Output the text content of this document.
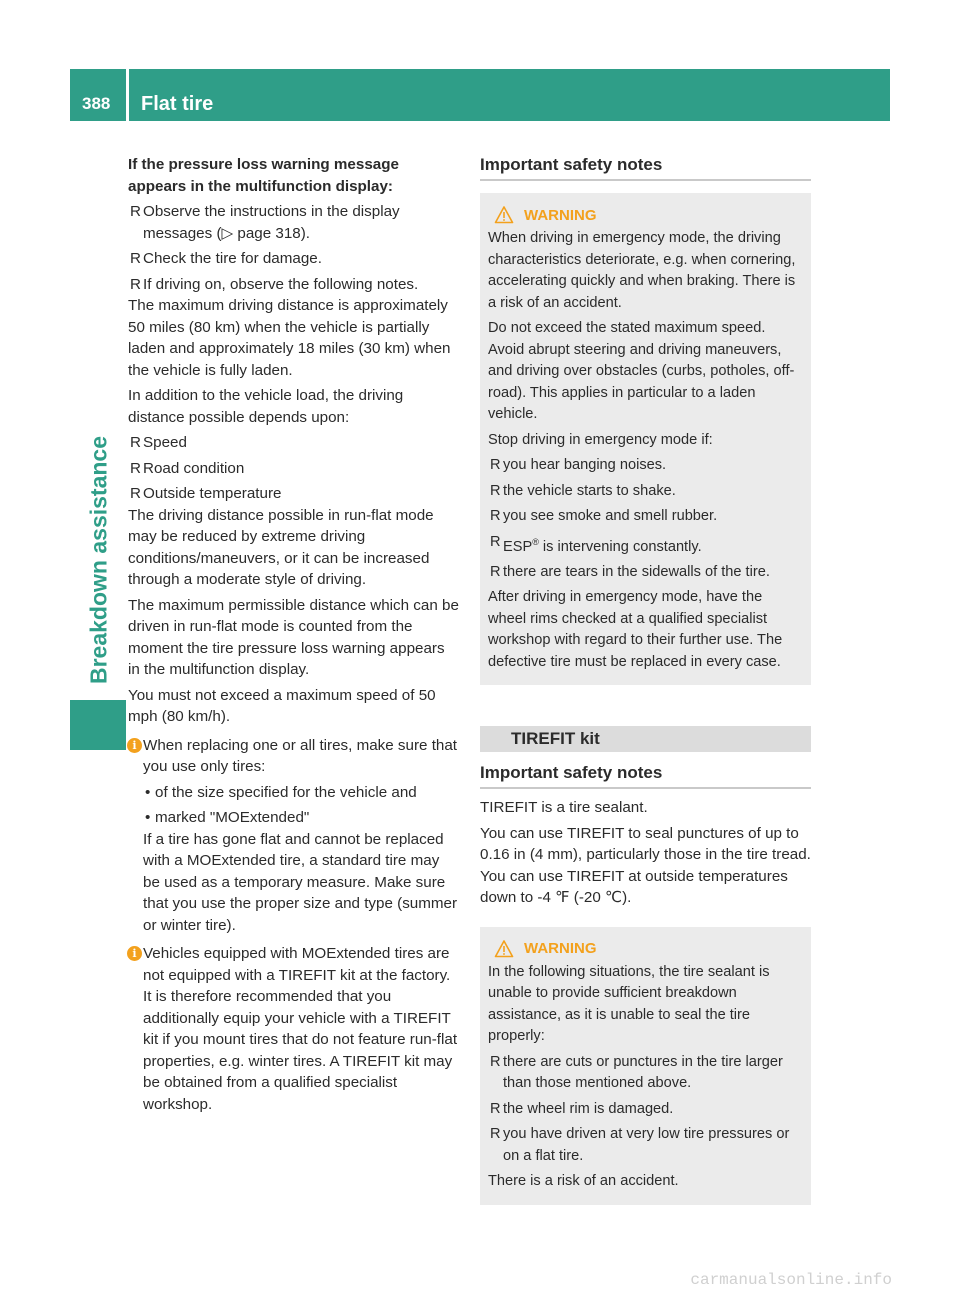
388	Flat tire
Breakdown assistance

If the pressure loss warning message appears in the multifunction display:

R Observe the instructions in the display messages (▷ page 318).

R Check the tire for damage.

R If driving on, observe the following notes.

The maximum driving distance is approximately 50 miles (80 km) when the vehicle is partially laden and approximately 18 miles (30 km) when the vehicle is fully laden.

In addition to the vehicle load, the driving distance possible depends upon:

R Speed

R Road condition

R Outside temperature

The driving distance possible in run-flat mode may be reduced by extreme driving conditions/maneuvers, or it can be increased through a moderate style of driving.

The maximum permissible distance which can be driven in run-flat mode is counted from the moment the tire pressure loss warning appears in the multifunction display.

You must not exceed a maximum speed of 50 mph (80 km/h).

i When replacing one or all tires, make sure that you use only tires:

• of the size specified for the vehicle and

• marked "MOExtended"

If a tire has gone flat and cannot be replaced with a MOExtended tire, a standard tire may be used as a temporary measure. Make sure that you use the proper size and type (summer or winter tire).

i Vehicles equipped with MOExtended tires are not equipped with a TIREFIT kit at the factory. It is therefore recommended that you additionally equip your vehicle with a TIREFIT kit if you mount tires that do not feature run-flat properties, e.g. winter tires. A TIREFIT kit may be obtained from a qualified specialist workshop.

Important safety notes
WARNING

When driving in emergency mode, the driving characteristics deteriorate, e.g. when cornering, accelerating quickly and when braking. There is a risk of an accident.

Do not exceed the stated maximum speed. Avoid abrupt steering and driving maneuvers, and driving over obstacles (curbs, potholes, off-road). This applies in particular to a laden vehicle.

Stop driving in emergency mode if:

R you hear banging noises.

R the vehicle starts to shake.

R you see smoke and smell rubber.

R ESP® is intervening constantly.

R there are tears in the sidewalls of the tire.

After driving in emergency mode, have the wheel rims checked at a qualified specialist workshop with regard to their further use. The defective tire must be replaced in every case.

TIREFIT kit
Important safety notes

TIREFIT is a tire sealant.

You can use TIREFIT to seal punctures of up to 0.16 in (4 mm), particularly those in the tire tread. You can use TIREFIT at outside temperatures down to -4 ℉ (-20 ℃).

WARNING

In the following situations, the tire sealant is unable to provide sufficient breakdown assistance, as it is unable to seal the tire properly:

R there are cuts or punctures in the tire larger than those mentioned above.

R the wheel rim is damaged.

R you have driven at very low tire pressures or on a flat tire.

There is a risk of an accident.

carmanualsonline.info
